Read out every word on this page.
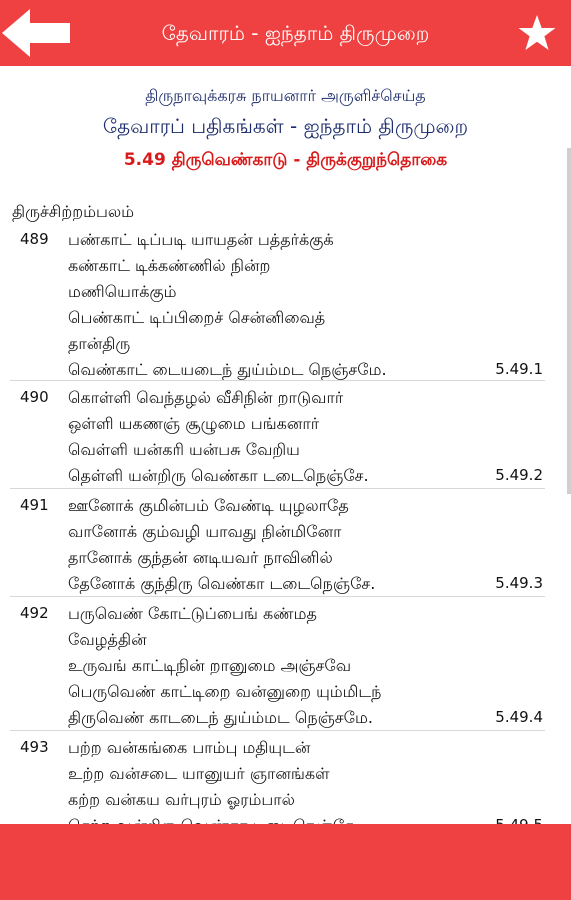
தேவாரம் - ஐந்தாம் திருமுறை
திருநாவுக்கரசு நாயனார் அருளிச்செய்த
தேவாரப் பதிகங்கள் - ஐந்தாம் திருமுறை
5.49 திருவெண்காடு - திருக்குறுந்தொகை
திருச்சிற்றம்பலம்
489 பண்காட் டிப்படி யாயதன் பத்தர்க்குக்
கண்காட் டிக்கண்ணில் நின்ற
மணியொக்கும்
பெண்காட் டிப்பிறைச் சென்னிவைத்
தான்திரு
வெண்காட் டையடைந் துய்ம்மட நெஞ்சமே.	5.49.1
490 கொள்ளி வெந்தழல் வீசிநின் றாடுவார்
ஒள்ளி யகணஞ் சூழுமை பங்கனார்
வெள்ளி யன்கரி யன்பசு வேறிய
தெள்ளி யன்றிரு வெண்கா டடைநெஞ்சே.	5.49.2
491 ஊனோக் குமின்பம் வேண்டி யுழலாதே
வானோக் கும்வழி யாவது நின்மினோ
தானோக் குந்தன் னடியவர் நாவினில்
தேனோக் குந்திரு வெண்கா டடைநெஞ்சே.	5.49.3
492 பருவெண் கோட்டுப்பைங் கண்மத
வேழத்தின்
உருவங் காட்டிநின் றானுமை அஞ்சவே
பெருவெண் காட்டிறை வன்னுறை யும்மிடந்
திருவெண் காடடைந் துய்ம்மட நெஞ்சமே.	5.49.4
493 பற்ற வன்கங்கை பாம்பு மதியுடன்
உற்ற வன்சடை யானுயர் ஞானங்கள்
கற்ற வன்கய வர்புரம் ஓரம்பால்
